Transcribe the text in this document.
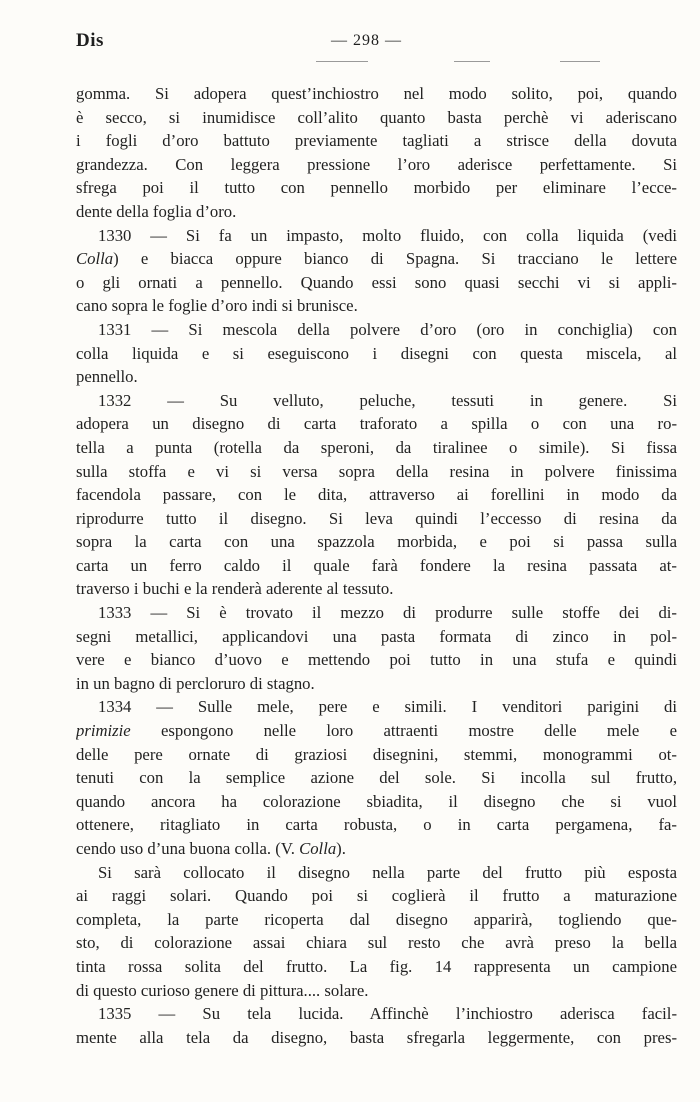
Dis	— 298 —
gomma. Si adopera quest’inchiostro nel modo solito, poi, quando
è secco, si inumidisce coll’alito quanto basta perchè vi aderiscano
i fogli d’oro battuto previamente tagliati a strisce della dovuta
grandezza. Con leggera pressione l’oro aderisce perfettamente. Si
sfrega poi il tutto con pennello morbido per eliminare l’ecce-
dente della foglia d’oro.
1330 — Si fa un impasto, molto fluido, con colla liquida (vedi
Colla) e biacca oppure bianco di Spagna. Si tracciano le lettere
o gli ornati a pennello. Quando essi sono quasi secchi vi si appli-
cano sopra le foglie d’oro indi si brunisce.
1331 — Si mescola della polvere d’oro (oro in conchiglia) con
colla liquida e si eseguiscono i disegni con questa miscela, al
pennello.
1332 — Su velluto, peluche, tessuti in genere. Si
adopera un disegno di carta traforato a spilla o con una ro-
tella a punta (rotella da speroni, da tiralinee o simile). Si fissa
sulla stoffa e vi si versa sopra della resina in polvere finissima
facendola passare, con le dita, attraverso ai forellini in modo da
riprodurre tutto il disegno. Si leva quindi l’eccesso di resina da
sopra la carta con una spazzola morbida, e poi si passa sulla
carta un ferro caldo il quale farà fondere la resina passata at-
traverso i buchi e la renderà aderente al tessuto.
1333 — Si è trovato il mezzo di produrre sulle stoffe dei di-
segni metallici, applicandovi una pasta formata di zinco in pol-
vere e bianco d’uovo e mettendo poi tutto in una stufa e quindi
in un bagno di percloruro di stagno.
1334 — Sulle mele, pere e simili. I venditori parigini di
primizie espongono nelle loro attraenti mostre delle mele e
delle pere ornate di graziosi disegnini, stemmi, monogrammi ot-
tenuti con la semplice azione del sole. Si incolla sul frutto,
quando ancora ha colorazione sbiadita, il disegno che si vuol
ottenere, ritagliato in carta robusta, o in carta pergamena, fa-
cendo uso d’una buona colla. (V. Colla).
Si sarà collocato il disegno nella parte del frutto più esposta
ai raggi solari. Quando poi si coglierà il frutto a maturazione
completa, la parte ricoperta dal disegno apparirà, togliendo que-
sto, di colorazione assai chiara sul resto che avrà preso la bella
tinta rossa solita del frutto. La fig. 14 rappresenta un campione
di questo curioso genere di pittura.... solare.
1335 — Su tela lucida. Affinchè l’inchiostro aderisca facil-
mente alla tela da disegno, basta sfregarla leggermente, con pres-
